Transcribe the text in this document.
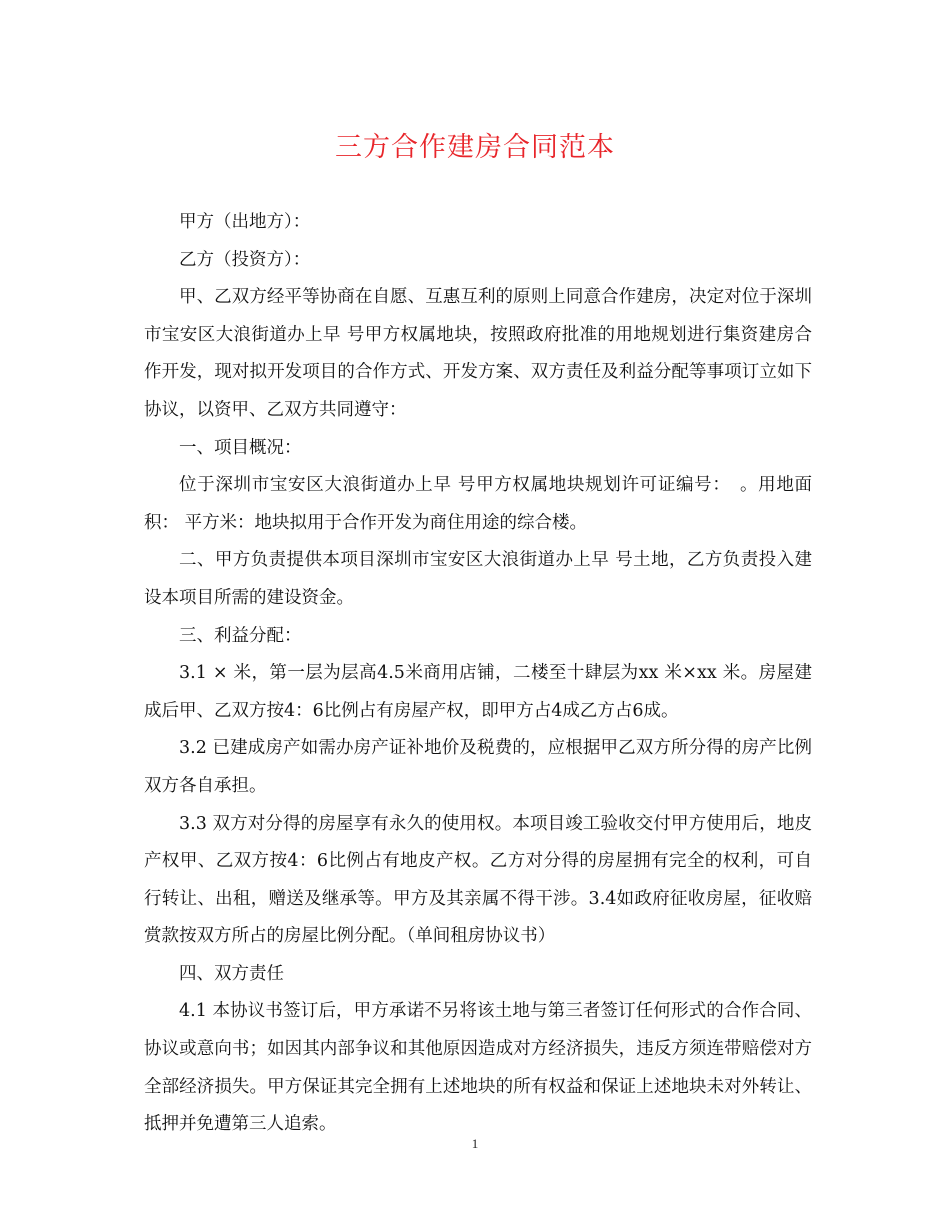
三方合作建房合同范本

甲方（出地方）：

乙方（投资方）：

甲、乙双方经平等协商在自愿、互惠互利的原则上同意合作建房，决定对位于深圳市宝安区大浪街道办上早 号甲方权属地块，按照政府批准的用地规划进行集资建房合作开发，现对拟开发项目的合作方式、开发方案、双方责任及利益分配等事项订立如下协议，以资甲、乙双方共同遵守：

一、项目概况：

位于深圳市宝安区大浪街道办上早 号甲方权属地块规划许可证编号：　。用地面积： 平方米：地块拟用于合作开发为商住用途的综合楼。

二、甲方负责提供本项目深圳市宝安区大浪街道办上早 号土地，乙方负责投入建设本项目所需的建设资金。

三、利益分配：

3.1 × 米，第一层为层高4.5米商用店铺，二楼至十肆层为xx 米×xx 米。房屋建成后甲、乙双方按4：6比例占有房屋产权，即甲方占4成乙方占6成。

3.2 已建成房产如需办房产证补地价及税费的，应根据甲乙双方所分得的房产比例双方各自承担。

3.3 双方对分得的房屋享有永久的使用权。本项目竣工验收交付甲方使用后，地皮产权甲、乙双方按4：6比例占有地皮产权。乙方对分得的房屋拥有完全的权利，可自行转让、出租，赠送及继承等。甲方及其亲属不得干涉。3.4如政府征收房屋，征收赔赏款按双方所占的房屋比例分配。（单间租房协议书）

四、双方责任

4.1 本协议书签订后，甲方承诺不另将该土地与第三者签订任何形式的合作合同、协议或意向书；如因其内部争议和其他原因造成对方经济损失，违反方须连带赔偿对方全部经济损失。甲方保证其完全拥有上述地块的所有权益和保证上述地块未对外转让、抵押并免遭第三人追索。

1
